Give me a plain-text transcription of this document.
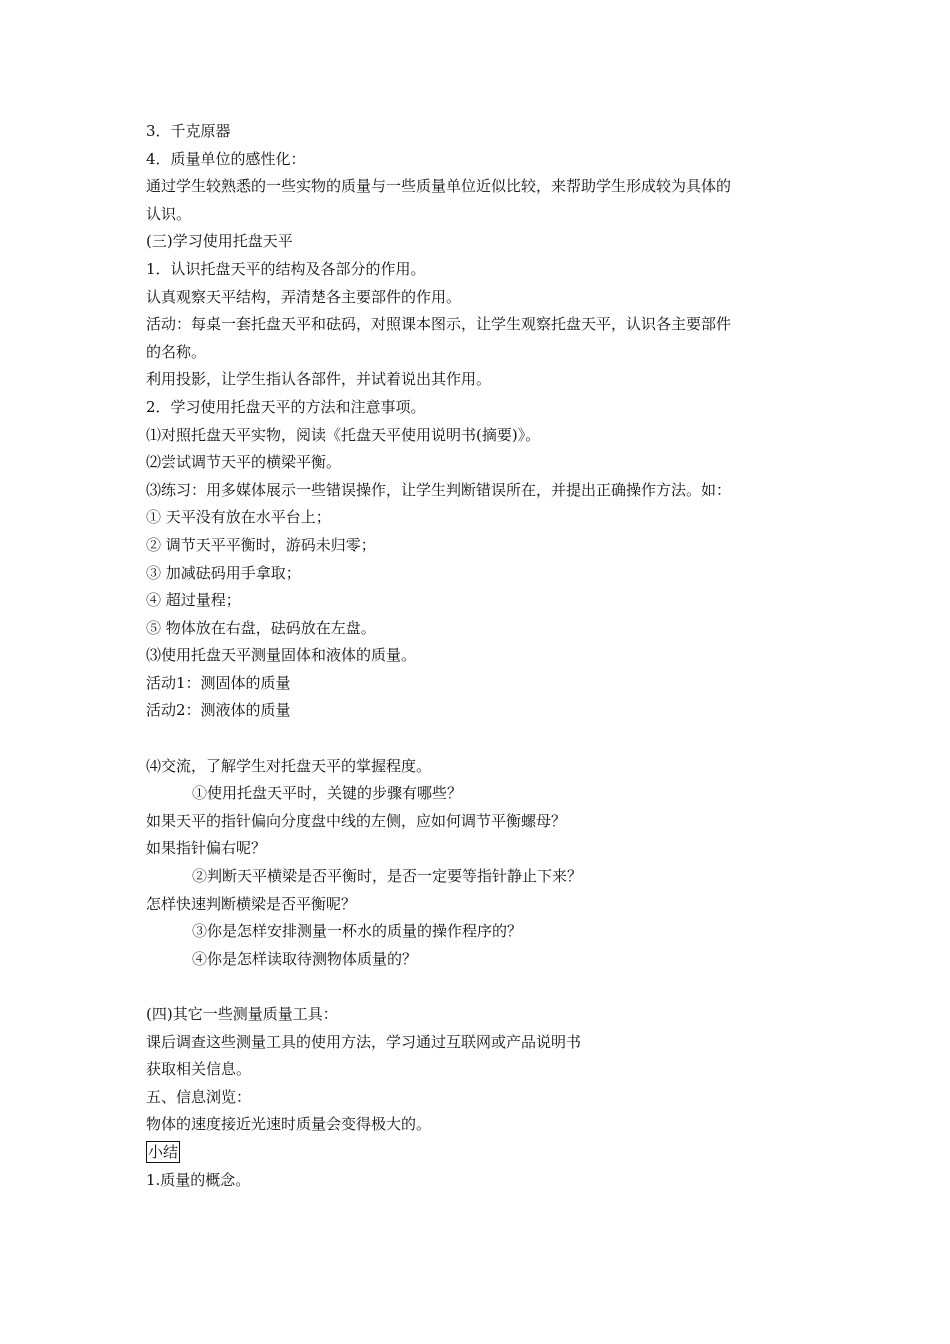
3．千克原器
4．质量单位的感性化：
通过学生较熟悉的一些实物的质量与一些质量单位近似比较，来帮助学生形成较为具体的
认识。
(三)学习使用托盘天平
1．认识托盘天平的结构及各部分的作用。
认真观察天平结构，弄清楚各主要部件的作用。
活动：每桌一套托盘天平和砝码，对照课本图示，让学生观察托盘天平，认识各主要部件
的名称。
利用投影，让学生指认各部件，并试着说出其作用。
2．学习使用托盘天平的方法和注意事项。
⑴对照托盘天平实物，阅读《托盘天平使用说明书(摘要)》。
⑵尝试调节天平的横梁平衡。
⑶练习：用多媒体展示一些错误操作，让学生判断错误所在，并提出正确操作方法。如：
① 天平没有放在水平台上；
② 调节天平平衡时，游码未归零；
③ 加减砝码用手拿取；
④ 超过量程；
⑤ 物体放在右盘，砝码放在左盘。
⑶使用托盘天平测量固体和液体的质量。
活动1：测固体的质量
活动2：测液体的质量
⑷交流，了解学生对托盘天平的掌握程度。
①使用托盘天平时，关键的步骤有哪些？
如果天平的指针偏向分度盘中线的左侧，应如何调节平衡螺母？
如果指针偏右呢？
②判断天平横梁是否平衡时，是否一定要等指针静止下来？
怎样快速判断横梁是否平衡呢？
③你是怎样安排测量一杯水的质量的操作程序的？
④你是怎样读取待测物体质量的？
(四)其它一些测量质量工具：
课后调查这些测量工具的使用方法，学习通过互联网或产品说明书
获取相关信息。
五、信息浏览：
物体的速度接近光速时质量会变得极大的。
小结
1.质量的概念。
